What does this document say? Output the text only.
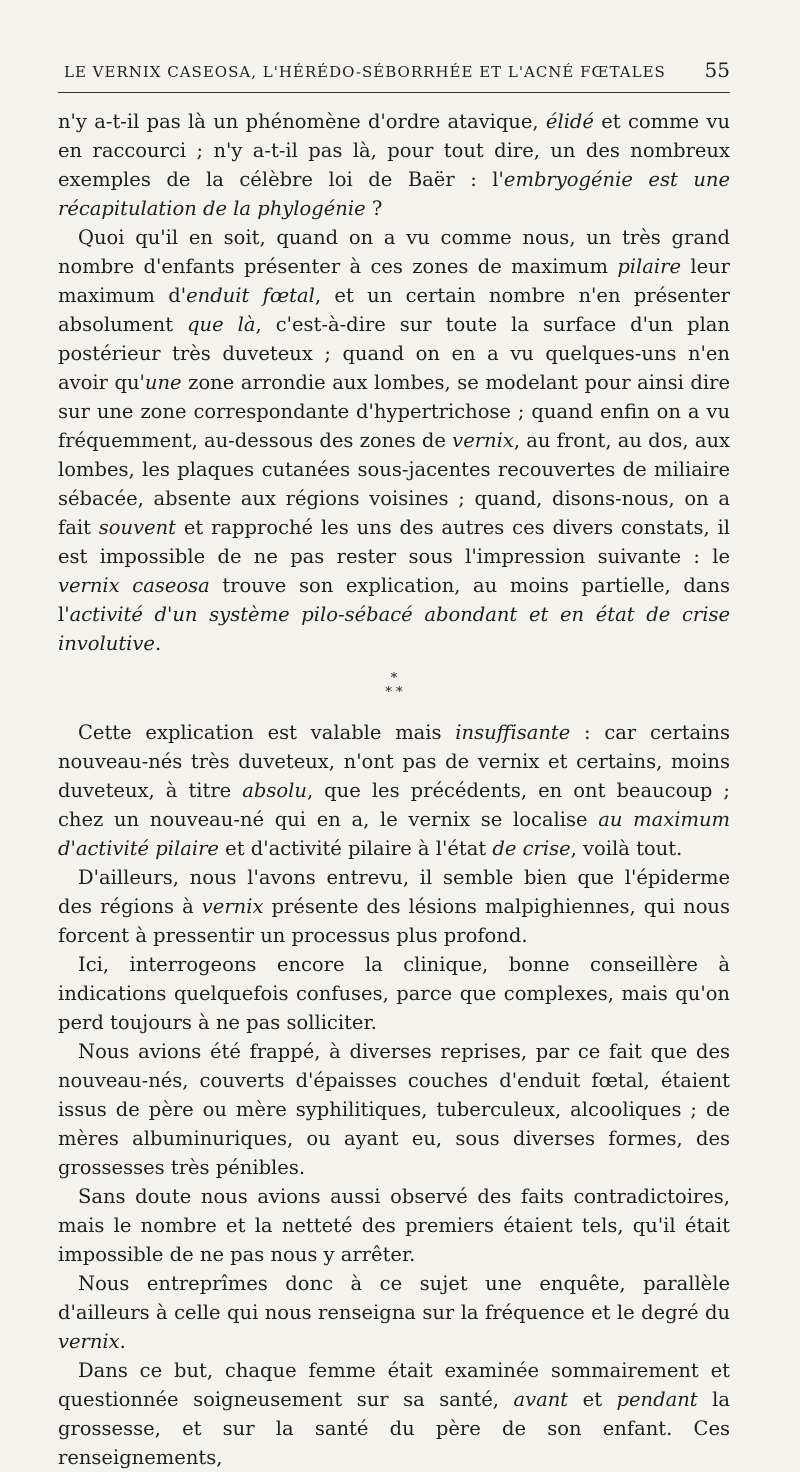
LE VERNIX CASEOSA, L'HÉRÉDO-SÉBORRHÉE ET L'ACNÉ FŒTALES 55

n'y a-t-il pas là un phénomène d'ordre atavique, élidé et comme vu en raccourci ; n'y a-t-il pas là, pour tout dire, un des nombreux exemples de la célèbre loi de Baër : l'embryogénie est une récapitulation de la phylogénie ?

Quoi qu'il en soit, quand on a vu comme nous, un très grand nombre d'enfants présenter à ces zones de maximum pilaire leur maximum d'enduit fœtal, et un certain nombre n'en présenter absolument que là, c'est-à-dire sur toute la surface d'un plan postérieur très duveteux ; quand on en a vu quelques-uns n'en avoir qu'une zone arrondie aux lombes, se modelant pour ainsi dire sur une zone correspondante d'hypertrichose ; quand enfin on a vu fréquemment, au-dessous des zones de vernix, au front, au dos, aux lombes, les plaques cutanées sous-jacentes recouvertes de miliaire sébacée, absente aux régions voisines ; quand, disons-nous, on a fait souvent et rapproché les uns des autres ces divers constats, il est impossible de ne pas rester sous l'impression suivante : le vernix caseosa trouve son explication, au moins partielle, dans l'activité d'un système pilo-sébacé abondant et en état de crise involutive.

*
* *

Cette explication est valable mais insuffisante : car certains nouveau-nés très duveteux, n'ont pas de vernix et certains, moins duveteux, à titre absolu, que les précédents, en ont beaucoup ; chez un nouveau-né qui en a, le vernix se localise au maximum d'activité pilaire et d'activité pilaire à l'état de crise, voilà tout.

D'ailleurs, nous l'avons entrevu, il semble bien que l'épiderme des régions à vernix présente des lésions malpighiennes, qui nous forcent à pressentir un processus plus profond.

Ici, interrogeons encore la clinique, bonne conseillère à indications quelquefois confuses, parce que complexes, mais qu'on perd toujours à ne pas solliciter.

Nous avions été frappé, à diverses reprises, par ce fait que des nouveau-nés, couverts d'épaisses couches d'enduit fœtal, étaient issus de père ou mère syphilitiques, tuberculeux, alcooliques ; de mères albuminuriques, ou ayant eu, sous diverses formes, des grossesses très pénibles.

Sans doute nous avions aussi observé des faits contradictoires, mais le nombre et la netteté des premiers étaient tels, qu'il était impossible de ne pas nous y arrêter.

Nous entreprîmes donc à ce sujet une enquête, parallèle d'ailleurs à celle qui nous renseigna sur la fréquence et le degré du vernix.

Dans ce but, chaque femme était examinée sommairement et questionnée soigneusement sur sa santé, avant et pendant la grossesse, et sur la santé du père de son enfant. Ces renseignements,
